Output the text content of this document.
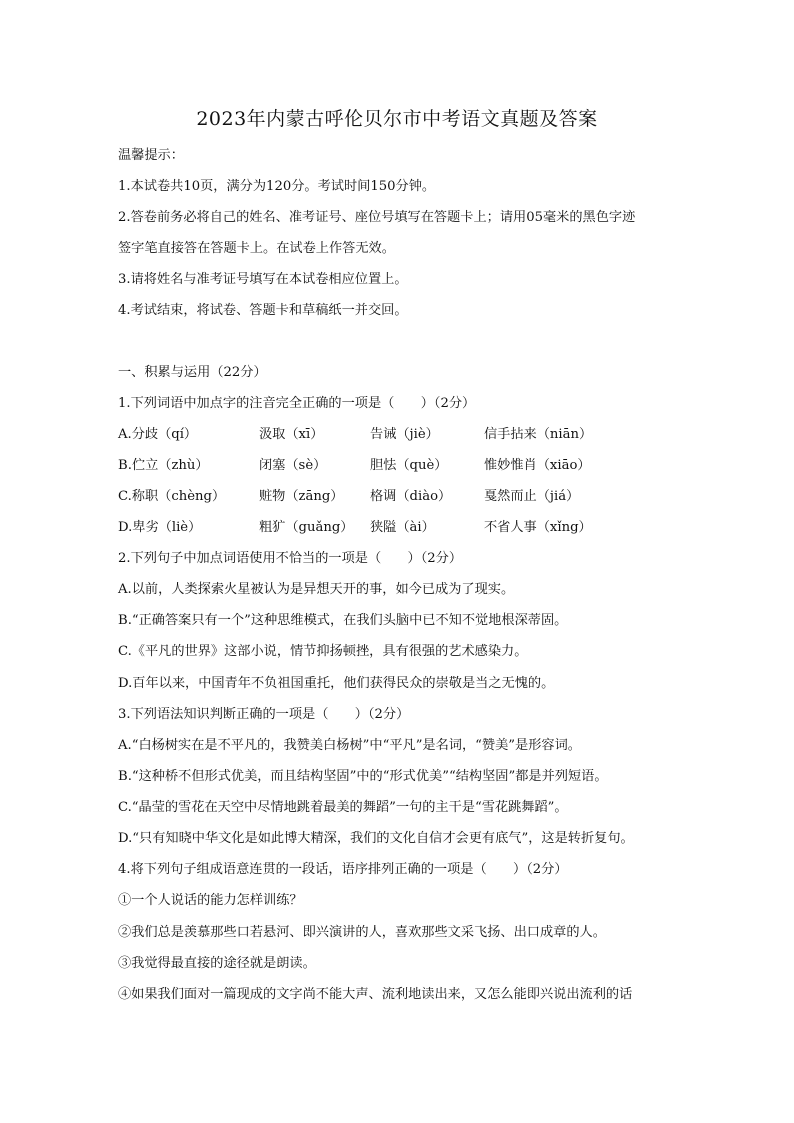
2023年内蒙古呼伦贝尔市中考语文真题及答案
温馨提示：
1.本试卷共10页，满分为120分。考试时间150分钟。
2.答卷前务必将自己的姓名、准考证号、座位号填写在答题卡上；请用05毫米的黑色字迹
签字笔直接答在答题卡上。在试卷上作答无效。
3.请将姓名与准考证号填写在本试卷相应位置上。
4.考试结束，将试卷、答题卡和草稿纸一并交回。
一、积累与运用（22分）
1.下列词语中加点字的注音完全正确的一项是（　　）（2分）
A.分歧（qí）	汲取（xī）	告诫（jiè）	信手拈来（niān）
B.伫立（zhù）	闭塞（sè）	胆怯（què）	惟妙惟肖（xiāo）
C.称职（chèng）	赃物（zāng） 格调（diào） 戛然而止（jiá）
D.卑劣（liè）	粗犷（guǎng） 狭隘（ài）	不省人事（xǐng）
2.下列句子中加点词语使用不恰当的一项是（　　）（2分）
A.以前，人类探索火星被认为是异想天开的事，如今已成为了现实。
B.“正确答案只有一个”这种思维模式，在我们头脑中已不知不觉地根深蒂固。
C.《平凡的世界》这部小说，情节抑扬顿挫，具有很强的艺术感染力。
D.百年以来，中国青年不负祖国重托，他们获得民众的崇敬是当之无愧的。
3.下列语法知识判断正确的一项是（　　）（2分）
A.“白杨树实在是不平凡的，我赞美白杨树”中“平凡”是名词，“赞美”是形容词。
B.“这种桥不但形式优美，而且结构坚固”中的“形式优美”“结构坚固”都是并列短语。
C.“晶莹的雪花在天空中尽情地跳着最美的舞蹈”一句的主干是“雪花跳舞蹈”。
D.“只有知晓中华文化是如此博大精深，我们的文化自信才会更有底气”，这是转折复句。
4.将下列句子组成语意连贯的一段话，语序排列正确的一项是（　　）（2分）
①一个人说话的能力怎样训练？
②我们总是羡慕那些口若悬河、即兴演讲的人，喜欢那些文采飞扬、出口成章的人。
③我觉得最直接的途径就是朗读。
④如果我们面对一篇现成的文字尚不能大声、流利地读出来，又怎么能即兴说出流利的话
